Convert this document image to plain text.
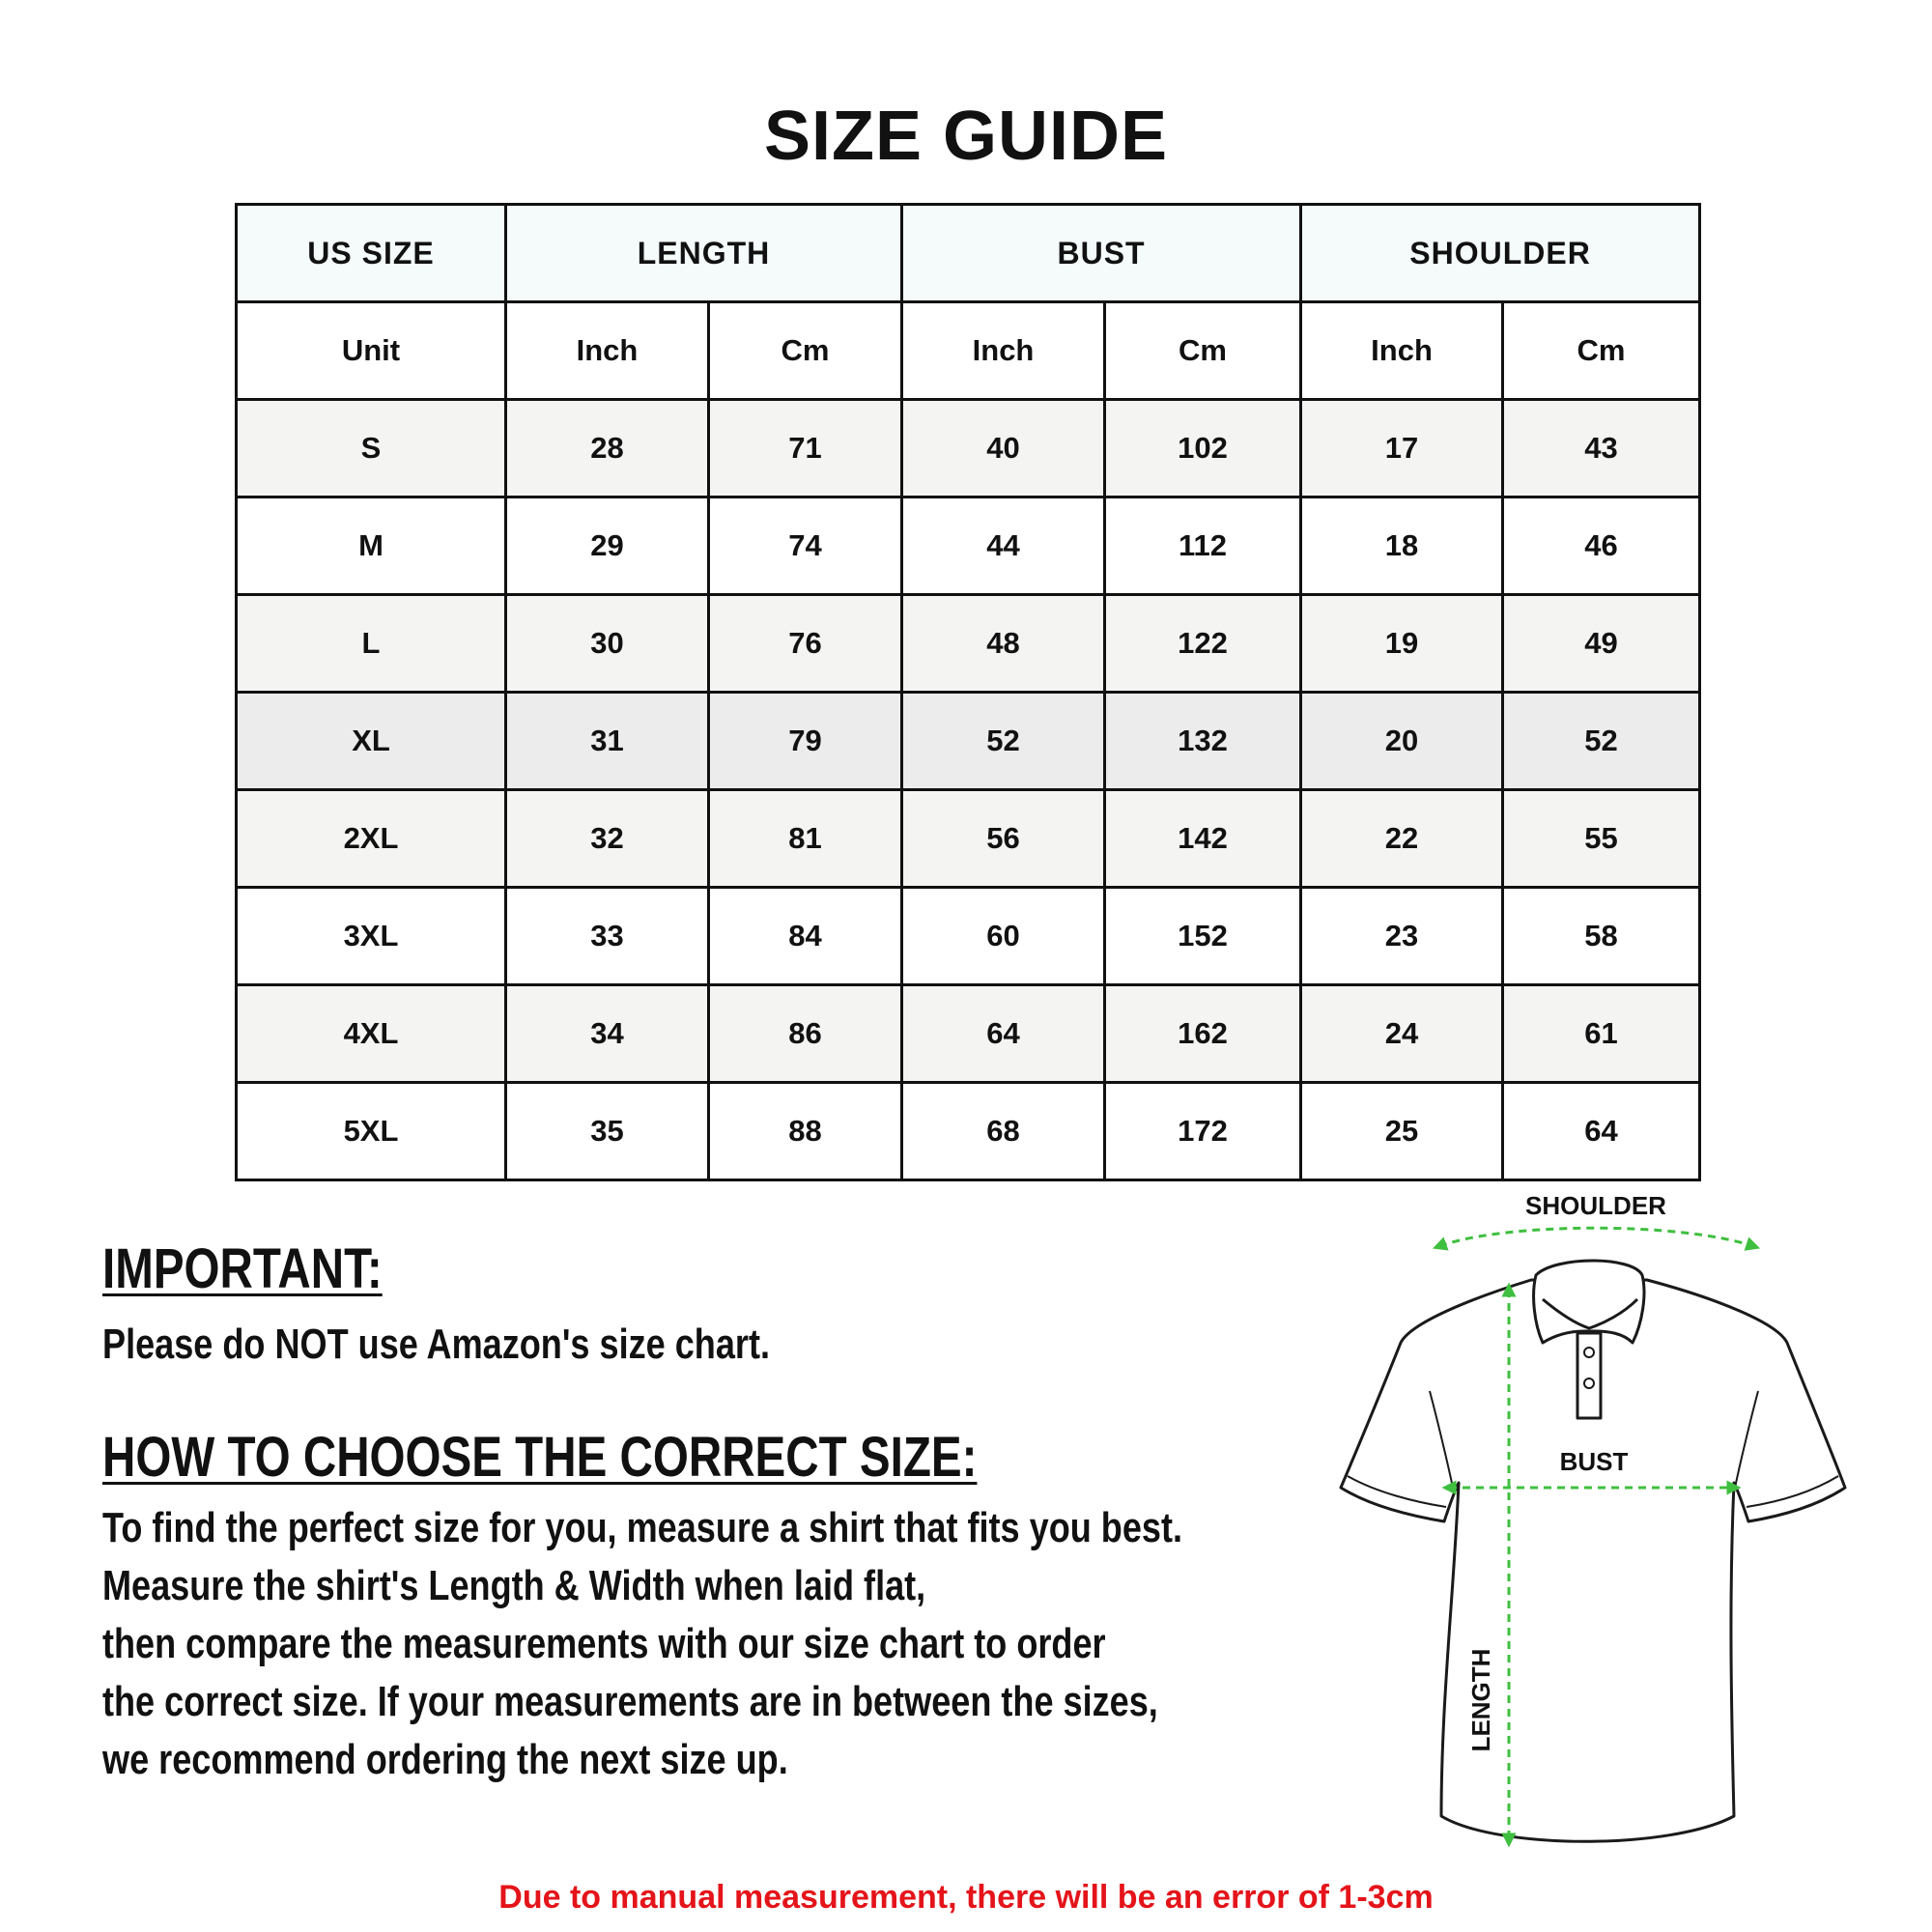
SIZE GUIDE
US SIZE	LENGTH		BUST		SHOULDER	
Unit	Inch	Cm	Inch	Cm	Inch	Cm
S	28	71	40	102	17	43
M	29	74	44	112	18	46
L	30	76	48	122	19	49
XL	31	79	52	132	20	52
2XL	32	81	56	142	22	55
3XL	33	84	60	152	23	58
4XL	34	86	64	162	24	61
5XL	35	88	68	172	25	64
IMPORTANT:
Please do NOT use Amazon's size chart.
HOW TO CHOOSE THE CORRECT SIZE:
To find the perfect size for you, measure a shirt that fits you best.
Measure the shirt's Length & Width when laid flat,
then compare the measurements with our size chart to order
the correct size. If your measurements are in between the sizes,
we recommend ordering the next size up.
SHOULDER
BUST
LENGTH
Due to manual measurement, there will be an error of 1-3cm
